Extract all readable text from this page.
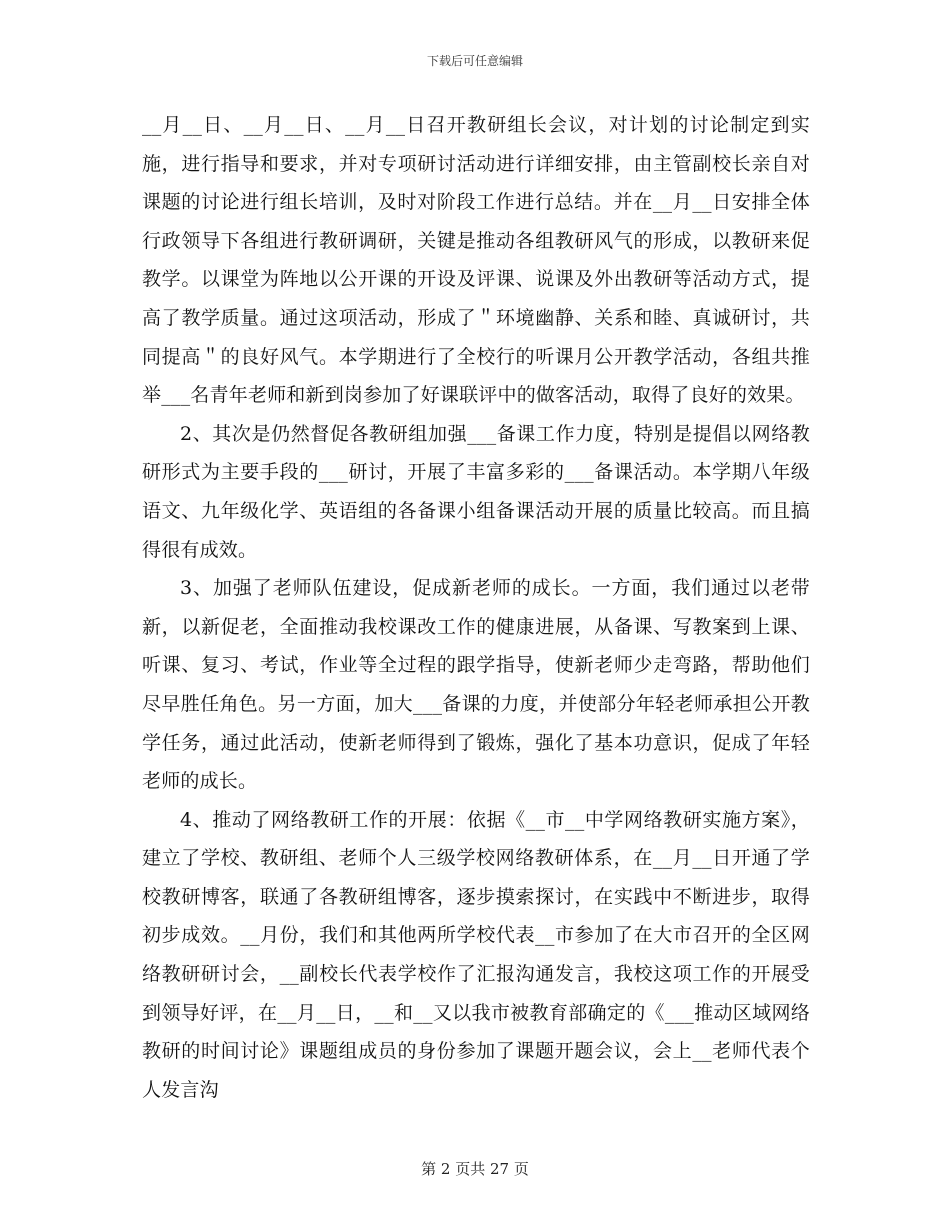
下载后可任意编辑

__月__日、__月__日、__月__日召开教研组长会议，对计划的讨论制定到实施，进行指导和要求，并对专项研讨活动进行详细安排，由主管副校长亲自对课题的讨论进行组长培训，及时对阶段工作进行总结。并在__月__日安排全体行政领导下各组进行教研调研，关键是推动各组教研风气的形成，以教研来促教学。以课堂为阵地以公开课的开设及评课、说课及外出教研等活动方式，提高了教学质量。通过这项活动，形成了＂环境幽静、关系和睦、真诚研讨，共同提高＂的良好风气。本学期进行了全校行的听课月公开教学活动，各组共推举___名青年老师和新到岗参加了好课联评中的做客活动，取得了良好的效果。

2、其次是仍然督促各教研组加强___备课工作力度，特别是提倡以网络教研形式为主要手段的___研讨，开展了丰富多彩的___备课活动。本学期八年级语文、九年级化学、英语组的各备课小组备课活动开展的质量比较高。而且搞得很有成效。

3、加强了老师队伍建设，促成新老师的成长。一方面，我们通过以老带新，以新促老，全面推动我校课改工作的健康进展，从备课、写教案到上课、听课、复习、考试，作业等全过程的跟学指导，使新老师少走弯路，帮助他们尽早胜任角色。另一方面，加大___备课的力度，并使部分年轻老师承担公开教学任务，通过此活动，使新老师得到了锻炼，强化了基本功意识，促成了年轻老师的成长。

4、推动了网络教研工作的开展：依据《__市__中学网络教研实施方案》，建立了学校、教研组、老师个人三级学校网络教研体系，在__月__日开通了学校教研博客，联通了各教研组博客，逐步摸索探讨，在实践中不断进步，取得初步成效。__月份，我们和其他两所学校代表__市参加了在大市召开的全区网络教研研讨会，__副校长代表学校作了汇报沟通发言，我校这项工作的开展受到领导好评，在__月__日，__和__又以我市被教育部确定的《___推动区域网络教研的时间讨论》课题组成员的身份参加了课题开题会议，会上__老师代表个人发言沟

第 2 页共 27 页
